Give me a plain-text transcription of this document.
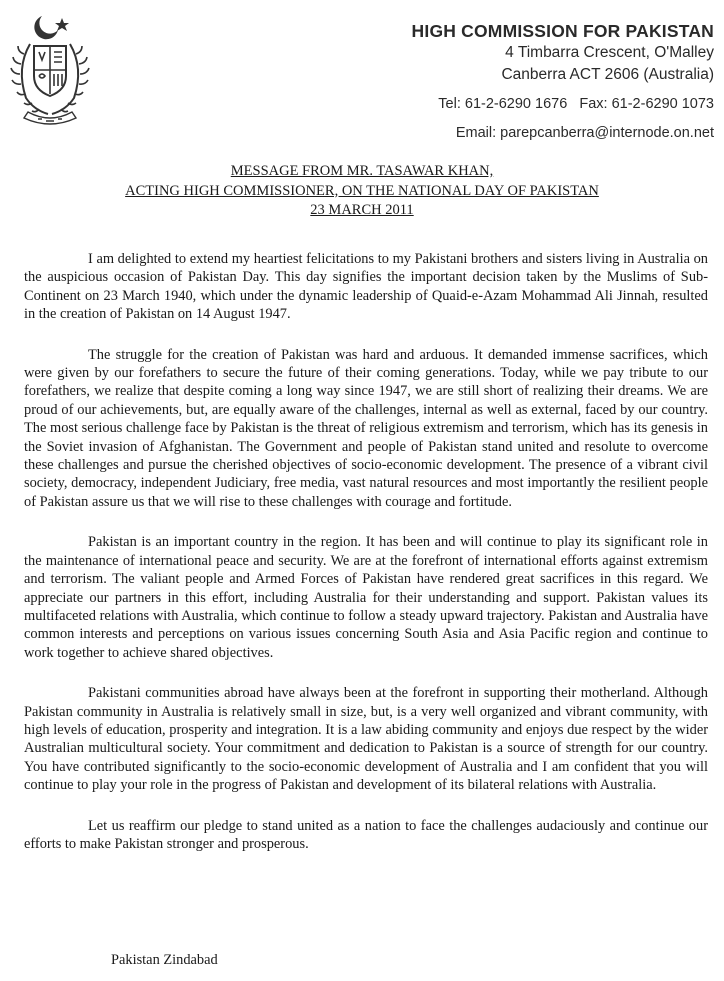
HIGH COMMISSION FOR PAKISTAN
4 Timbarra Crescent, O'Malley
Canberra ACT 2606 (Australia)
Tel: 61-2-6290 1676 Fax: 61-2-6290 1073
Email: parepcanberra@internode.on.net
MESSAGE FROM MR. TASAWAR KHAN,
ACTING HIGH COMMISSIONER, ON THE NATIONAL DAY OF PAKISTAN
23 MARCH 2011

I am delighted to extend my heartiest felicitations to my Pakistani brothers and sisters living in Australia on the auspicious occasion of Pakistan Day. This day signifies the important decision taken by the Muslims of Sub-Continent on 23 March 1940, which under the dynamic leadership of Quaid-e-Azam Mohammad Ali Jinnah, resulted in the creation of Pakistan on 14 August 1947.

The struggle for the creation of Pakistan was hard and arduous. It demanded immense sacrifices, which were given by our forefathers to secure the future of their coming generations. Today, while we pay tribute to our forefathers, we realize that despite coming a long way since 1947, we are still short of realizing their dreams. We are proud of our achievements, but, are equally aware of the challenges, internal as well as external, faced by our country. The most serious challenge face by Pakistan is the threat of religious extremism and terrorism, which has its genesis in the Soviet invasion of Afghanistan. The Government and people of Pakistan stand united and resolute to overcome these challenges and pursue the cherished objectives of socio-economic development. The presence of a vibrant civil society, democracy, independent Judiciary, free media, vast natural resources and most importantly the resilient people of Pakistan assure us that we will rise to these challenges with courage and fortitude.

Pakistan is an important country in the region. It has been and will continue to play its significant role in the maintenance of international peace and security. We are at the forefront of international efforts against extremism and terrorism. The valiant people and Armed Forces of Pakistan have rendered great sacrifices in this regard. We appreciate our partners in this effort, including Australia for their understanding and support. Pakistan values its multifaceted relations with Australia, which continue to follow a steady upward trajectory. Pakistan and Australia have common interests and perceptions on various issues concerning South Asia and Asia Pacific region and continue to work together to achieve shared objectives.

Pakistani communities abroad have always been at the forefront in supporting their motherland. Although Pakistan community in Australia is relatively small in size, but, is a very well organized and vibrant community, with high levels of education, prosperity and integration. It is a law abiding community and enjoys due respect by the wider Australian multicultural society. Your commitment and dedication to Pakistan is a source of strength for our country. You have contributed significantly to the socio-economic development of Australia and I am confident that you will continue to play your role in the progress of Pakistan and development of its bilateral relations with Australia.

Let us reaffirm our pledge to stand united as a nation to face the challenges audaciously and continue our efforts to make Pakistan stronger and prosperous.

Pakistan Zindabad
